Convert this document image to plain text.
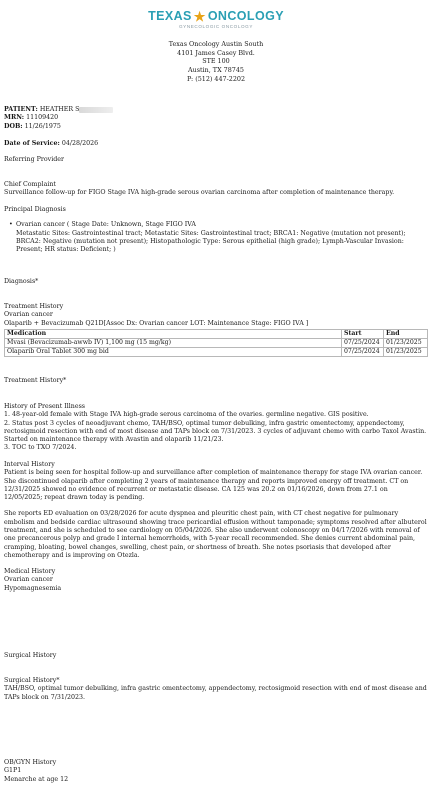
TEXAS ★ ONCOLOGY
GYNECOLOGIC ONCOLOGY
Texas Oncology Austin South
4101 James Casey Blvd.
STE 100
Austin, TX 78745
P: (512) 447-2202
PATIENT: HEATHER S
MRN: 11109420
DOB: 11/26/1975
Date of Service: 04/28/2026
Referring Provider
Chief Complaint
Surveillance follow-up for FIGO Stage IVA high-grade serous ovarian carcinoma after completion of maintenance therapy.
Principal Diagnosis
• Ovarian cancer ( Stage Date: Unknown, Stage FIGO IVA
Metastatic Sites: Gastrointestinal tract; Metastatic Sites: Gastrointestinal tract; BRCA1: Negative (mutation not present); BRCA2: Negative (mutation not present); Histopathologic Type: Serous epithelial (high grade); Lymph-Vascular Invasion: Present; HR status: Deficient; )
Diagnosis*
Treatment History
Ovarian cancer
Olaparib + Bevacizumab Q21D[Assoc Dx: Ovarian cancer LOT: Maintenance Stage: FIGO IVA ]
Medication	Start	End
Mvasi (Bevacizumab-awwb IV) 1,100 mg (15 mg/kg)	07/25/2024	01/23/2025
Olaparib Oral Tablet 300 mg bid	07/25/2024	01/23/2025
Treatment History*
History of Present Illness
1. 48-year-old female with Stage IVA high-grade serous carcinoma of the ovaries. germline negative. GIS positive.
2. Status post 3 cycles of neoadjuvant chemo, TAH/BSO, optimal tumor debulking, infra gastric omentectomy, appendectomy, rectosigmoid resection with end of most disease and TAPs block on 7/31/2023. 3 cycles of adjuvant chemo with carbo Taxol Avastin. Started on maintenance therapy with Avastin and olaparib 11/21/23.
3. TOC to TXO 7/2024.
Interval History

Patient is being seen for hospital follow-up and surveillance after completion of maintenance therapy for stage IVA ovarian cancer. She discontinued olaparib after completing 2 years of maintenance therapy and reports improved energy off treatment. CT on 12/31/2025 showed no evidence of recurrent or metastatic disease. CA 125 was 20.2 on 01/16/2026, down from 27.1 on 12/05/2025; repeat drawn today is pending.

She reports ED evaluation on 03/28/2026 for acute dyspnea and pleuritic chest pain, with CT chest negative for pulmonary embolism and bedside cardiac ultrasound showing trace pericardial effusion without tamponade; symptoms resolved after albuterol treatment, and she is scheduled to see cardiology on 05/04/2026. She also underwent colonoscopy on 04/17/2026 with removal of one precancerous polyp and grade I internal hemorrhoids, with 5-year recall recommended. She denies current abdominal pain, cramping, bloating, bowel changes, swelling, chest pain, or shortness of breath. She notes psoriasis that developed after chemotherapy and is improving on Otezla.

Medical History
Ovarian cancer
Hypomagnesemia
Surgical History
Surgical History*
TAH/BSO, optimal tumor debulking, infra gastric omentectomy, appendectomy, rectosigmoid resection with end of most disease and TAPs block on 7/31/2023.
OB/GYN History
G1P1
Menarche at age 12
